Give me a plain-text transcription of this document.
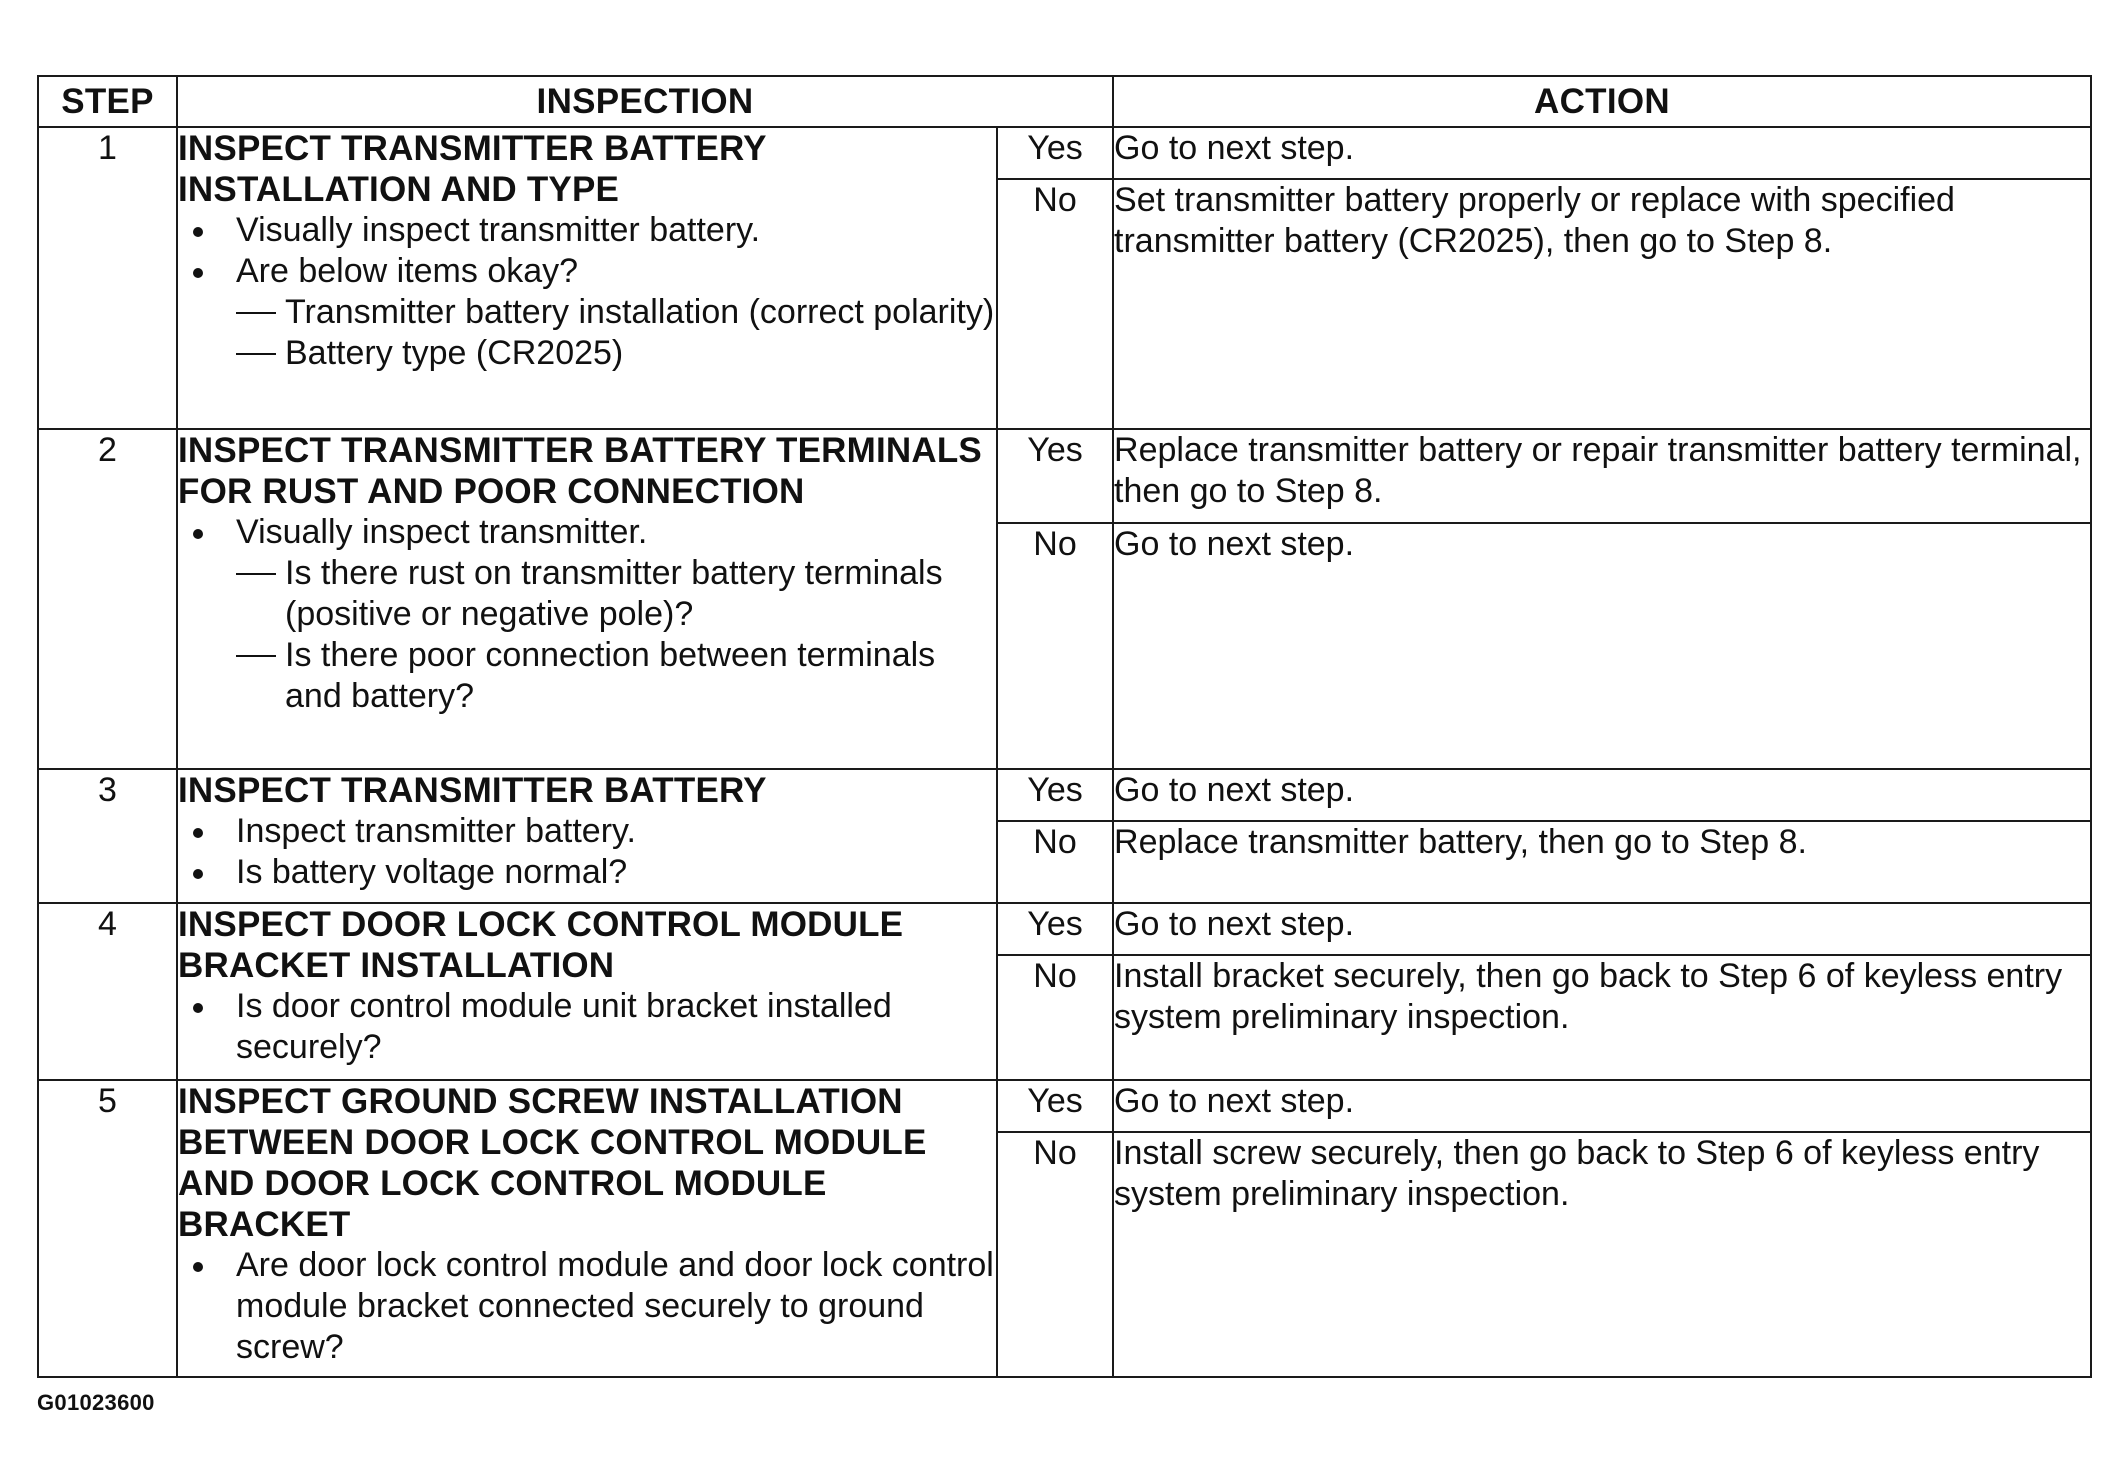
STEP	INSPECTION		ACTION
1	INSPECT TRANSMITTER BATTERY INSTALLATION AND TYPE
Visually inspect transmitter battery.
Are below items okay?
Transmitter battery installation (correct polarity)
Battery type (CR2025)	Yes	Go to next step.
		No	Set transmitter battery properly or replace with specified transmitter battery (CR2025), then go to Step 8.
2	INSPECT TRANSMITTER BATTERY TERMINALS FOR RUST AND POOR CONNECTION
Visually inspect transmitter.
Is there rust on transmitter battery terminals (positive or negative pole)?
Is there poor connection between terminals and battery?	Yes	Replace transmitter battery or repair transmitter battery terminal, then go to Step 8.
		No	Go to next step.
3	INSPECT TRANSMITTER BATTERY
Inspect transmitter battery.
Is battery voltage normal?	Yes	Go to next step.
		No	Replace transmitter battery, then go to Step 8.
4	INSPECT DOOR LOCK CONTROL MODULE BRACKET INSTALLATION
Is door control module unit bracket installed securely?	Yes	Go to next step.
		No	Install bracket securely, then go back to Step 6 of keyless entry system preliminary inspection.
5	INSPECT GROUND SCREW INSTALLATION BETWEEN DOOR LOCK CONTROL MODULE AND DOOR LOCK CONTROL MODULE BRACKET
Are door lock control module and door lock control module bracket connected securely to ground screw?	Yes	Go to next step.
		No	Install screw securely, then go back to Step 6 of keyless entry system preliminary inspection.
G01023600
